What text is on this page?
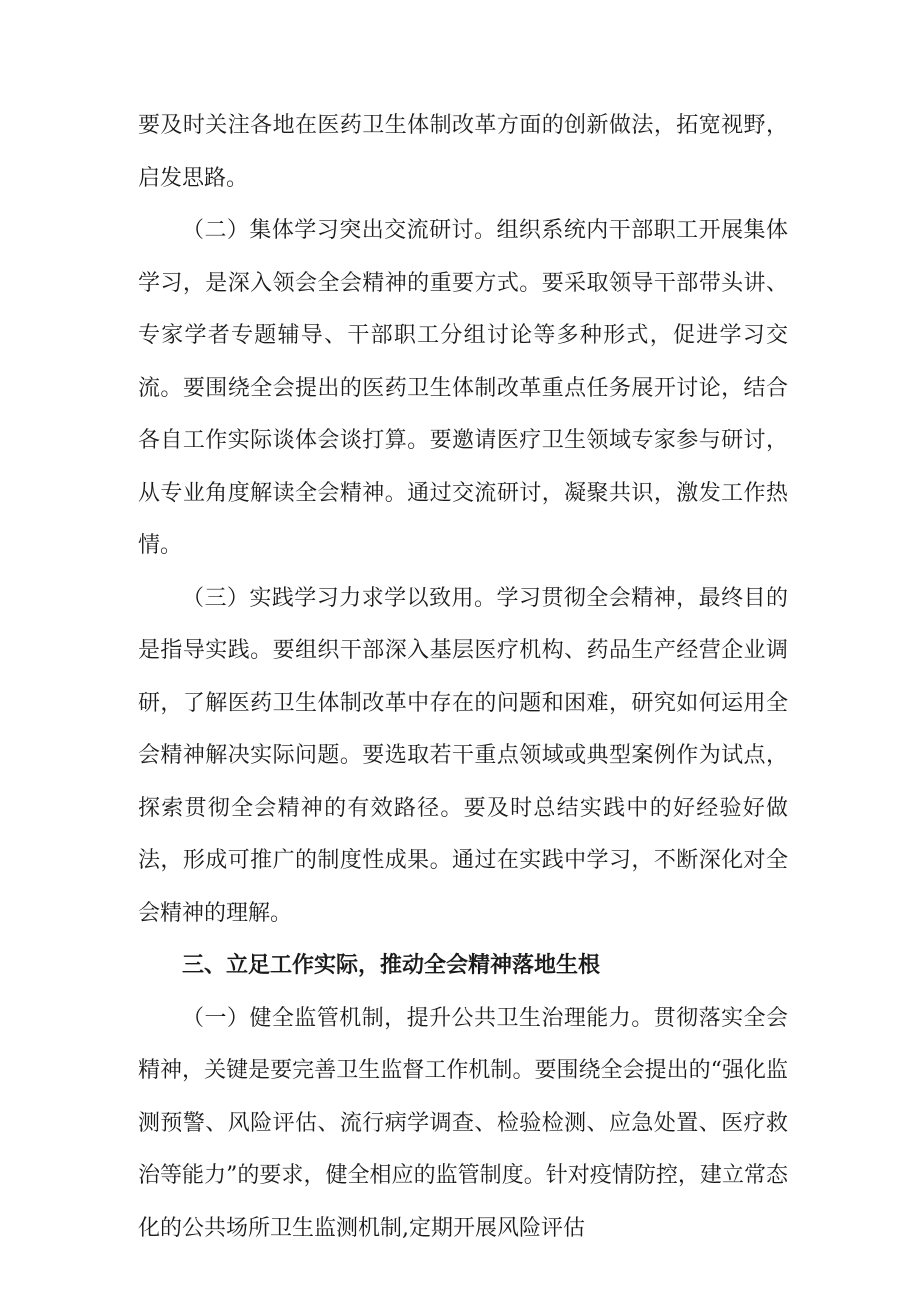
要及时关注各地在医药卫生体制改革方面的创新做法，拓宽视野，启发思路。

（二）集体学习突出交流研讨。组织系统内干部职工开展集体学习，是深入领会全会精神的重要方式。要采取领导干部带头讲、专家学者专题辅导、干部职工分组讨论等多种形式，促进学习交流。要围绕全会提出的医药卫生体制改革重点任务展开讨论，结合各自工作实际谈体会谈打算。要邀请医疗卫生领域专家参与研讨，从专业角度解读全会精神。通过交流研讨，凝聚共识，激发工作热情。

（三）实践学习力求学以致用。学习贯彻全会精神，最终目的是指导实践。要组织干部深入基层医疗机构、药品生产经营企业调研，了解医药卫生体制改革中存在的问题和困难，研究如何运用全会精神解决实际问题。要选取若干重点领域或典型案例作为试点，探索贯彻全会精神的有效路径。要及时总结实践中的好经验好做法，形成可推广的制度性成果。通过在实践中学习，不断深化对全会精神的理解。

三、立足工作实际，推动全会精神落地生根

（一）健全监管机制，提升公共卫生治理能力。贯彻落实全会精神，关键是要完善卫生监督工作机制。要围绕全会提出的“强化监测预警、风险评估、流行病学调查、检验检测、应急处置、医疗救治等能力”的要求，健全相应的监管制度。针对疫情防控，建立常态化的公共场所卫生监测机制,定期开展风险评估
